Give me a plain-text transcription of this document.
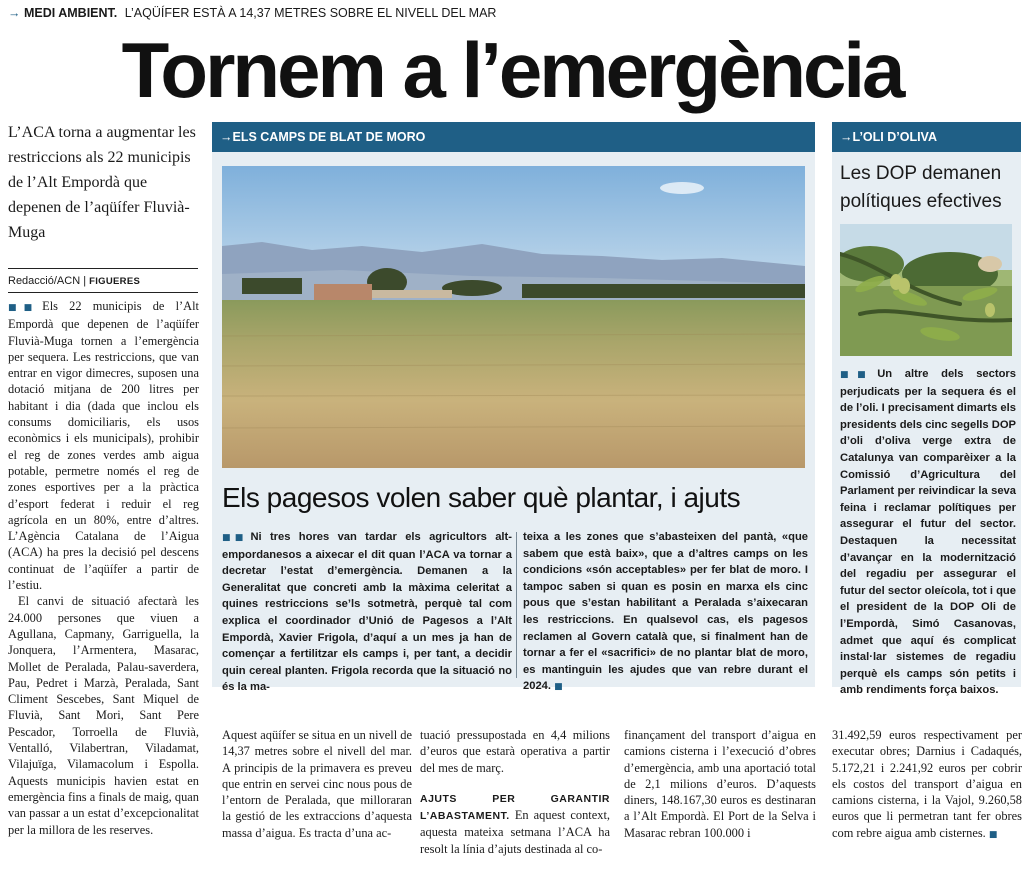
→ MEDI AMBIENT. L’AQÜÍFER ESTÀ A 14,37 METRES SOBRE EL NIVELL DEL MAR
Tornem a l’emergència
L’ACA torna a augmentar les restriccions als 22 municipis de l’Alt Empordà que depenen de l’aqüífer Fluvià-Muga
Redacció/ACN | FIGUERES

■■ Els 22 municipis de l’Alt Empordà que depenen de l’aqüífer Fluvià-Muga tornen a l’emergència per sequera. Les restriccions, que van entrar en vigor dimecres, suposen una dotació mitjana de 200 litres per habitant i dia (dada que inclou els consums domiciliaris, els usos econòmics i els municipals), prohibir el reg de zones verdes amb aigua potable, permetre només el reg de zones esportives per a la pràctica d’esport federat i reduir el reg agrícola en un 80%, entre d’altres. L’Agència Catalana de l’Aigua (ACA) ha pres la decisió pel descens continuat de l’aqüífer a partir de l’estiu.

El canvi de situació afectarà les 24.000 persones que viuen a Agullana, Capmany, Garriguella, la Jonquera, l’Armentera, Masarac, Mollet de Peralada, Palau-saverdera, Pau, Pedret i Marzà, Peralada, Sant Climent Sescebes, Sant Miquel de Fluvià, Sant Mori, Sant Pere Pescador, Torroella de Fluvià, Ventalló, Vilabertran, Viladamat, Vilajuïga, Vilamacolum i Espolla. Aquests municipis havien estat en emergència fins a finals de maig, quan van passar a un estat d’excepcionalitat per la millora de les reserves.

→ELS CAMPS DE BLAT DE MORO
Els pagesos volen saber què plantar, i ajuts
■■ Ni tres hores van tardar els agricultors alt-empordanesos a aixecar el dit quan l’ACA va tornar a decretar l’estat d’emergència. Demanen a la Generalitat que concreti amb la màxima celeritat a quines restriccions se’ls sotmetrà, perquè tal com explica el coordinador d’Unió de Pagesos a l’Alt Empordà, Xavier Frigola, d’aquí a un mes ja han de començar a fertilitzar els camps i, per tant, a decidir quin cereal planten. Frigola recorda que la situació no és la ma-
teixa a les zones que s’abasteixen del pantà, «que sabem que està baix», que a d’altres camps on les condicions «són acceptables» per fer blat de moro. I tampoc saben si quan es posin en marxa els cinc pous que s’estan habilitant a Peralada s’aixecaran les restriccions. En qualsevol cas, els pagesos reclamen al Govern català que, si finalment han de tornar a fer el «sacrifici» de no plantar blat de moro, es mantinguin les ajudes que van rebre durant el 2024. ■
→L’OLI D’OLIVA
Les DOP demanen polítiques efectives
■■ Un altre dels sectors perjudicats per la sequera és el de l’oli. I precisament dimarts els presidents dels cinc segells DOP d’oli d’oliva verge extra de Catalunya van comparèixer a la Comissió d’Agricultura del Parlament per reivindicar la seva feina i reclamar polítiques per assegurar el futur del sector. Destaquen la necessitat d’avançar en la modernització del regadiu per assegurar el futur del sector oleícola, tot i que el president de la DOP Oli de l’Empordà, Simó Casanovas, admet que aquí és complicat instal·lar sistemes de regadiu perquè els camps són petits i amb rendiments força baixos.
Aquest aqüífer se situa en un nivell de 14,37 metres sobre el nivell del mar. A principis de la primavera es preveu que entrin en servei cinc nous pous de l’entorn de Peralada, que milloraran la gestió de les extraccions d’aquesta massa d’aigua. Es tracta d’una ac-

tuació pressupostada en 4,4 milions d’euros que estarà operativa a partir del mes de març.

AJUTS PER GARANTIR L’ABASTAMENT. En aquest context, aquesta mateixa setmana l’ACA ha resolt la línia d’ajuts destinada al co-

finançament del transport d’aigua en camions cisterna i l’execució d’obres d’emergència, amb una aportació total de 2,1 milions d’euros. D’aquests diners, 148.167,30 euros es destinaran a l’Alt Empordà. El Port de la Selva i Masarac rebran 100.000 i
31.492,59 euros respectivament per executar obres; Darnius i Cadaqués, 5.172,21 i 2.241,92 euros per cobrir els costos del transport d’aigua en camions cisterna, i la Vajol, 9.260,58 euros que li permetran tant fer obres com rebre aigua amb cisternes. ■
